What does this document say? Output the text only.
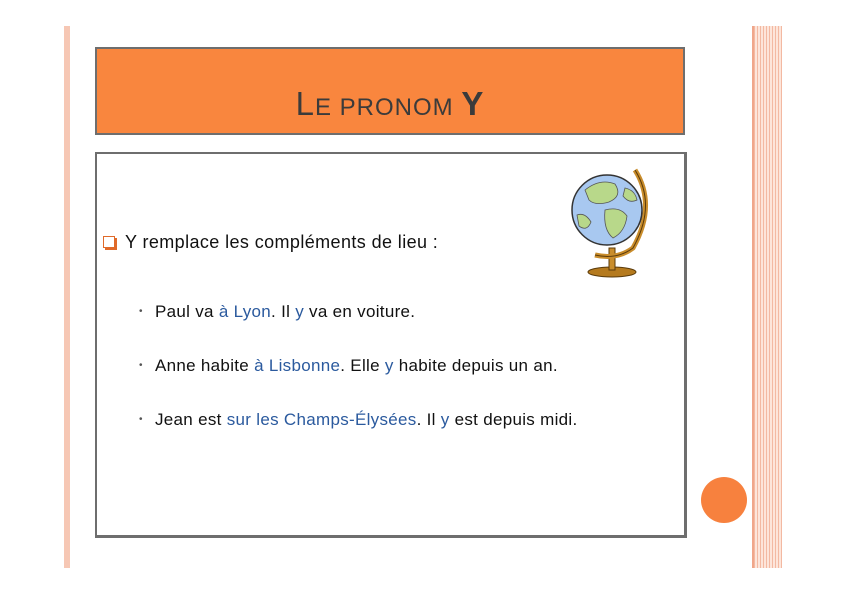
LE PRONOM Y
Y remplace les compléments de lieu :
• Paul va à Lyon. Il y va en voiture.
• Anne habite à Lisbonne. Elle y habite depuis un an.
• Jean est sur les Champs-Élysées. Il y est depuis midi.
